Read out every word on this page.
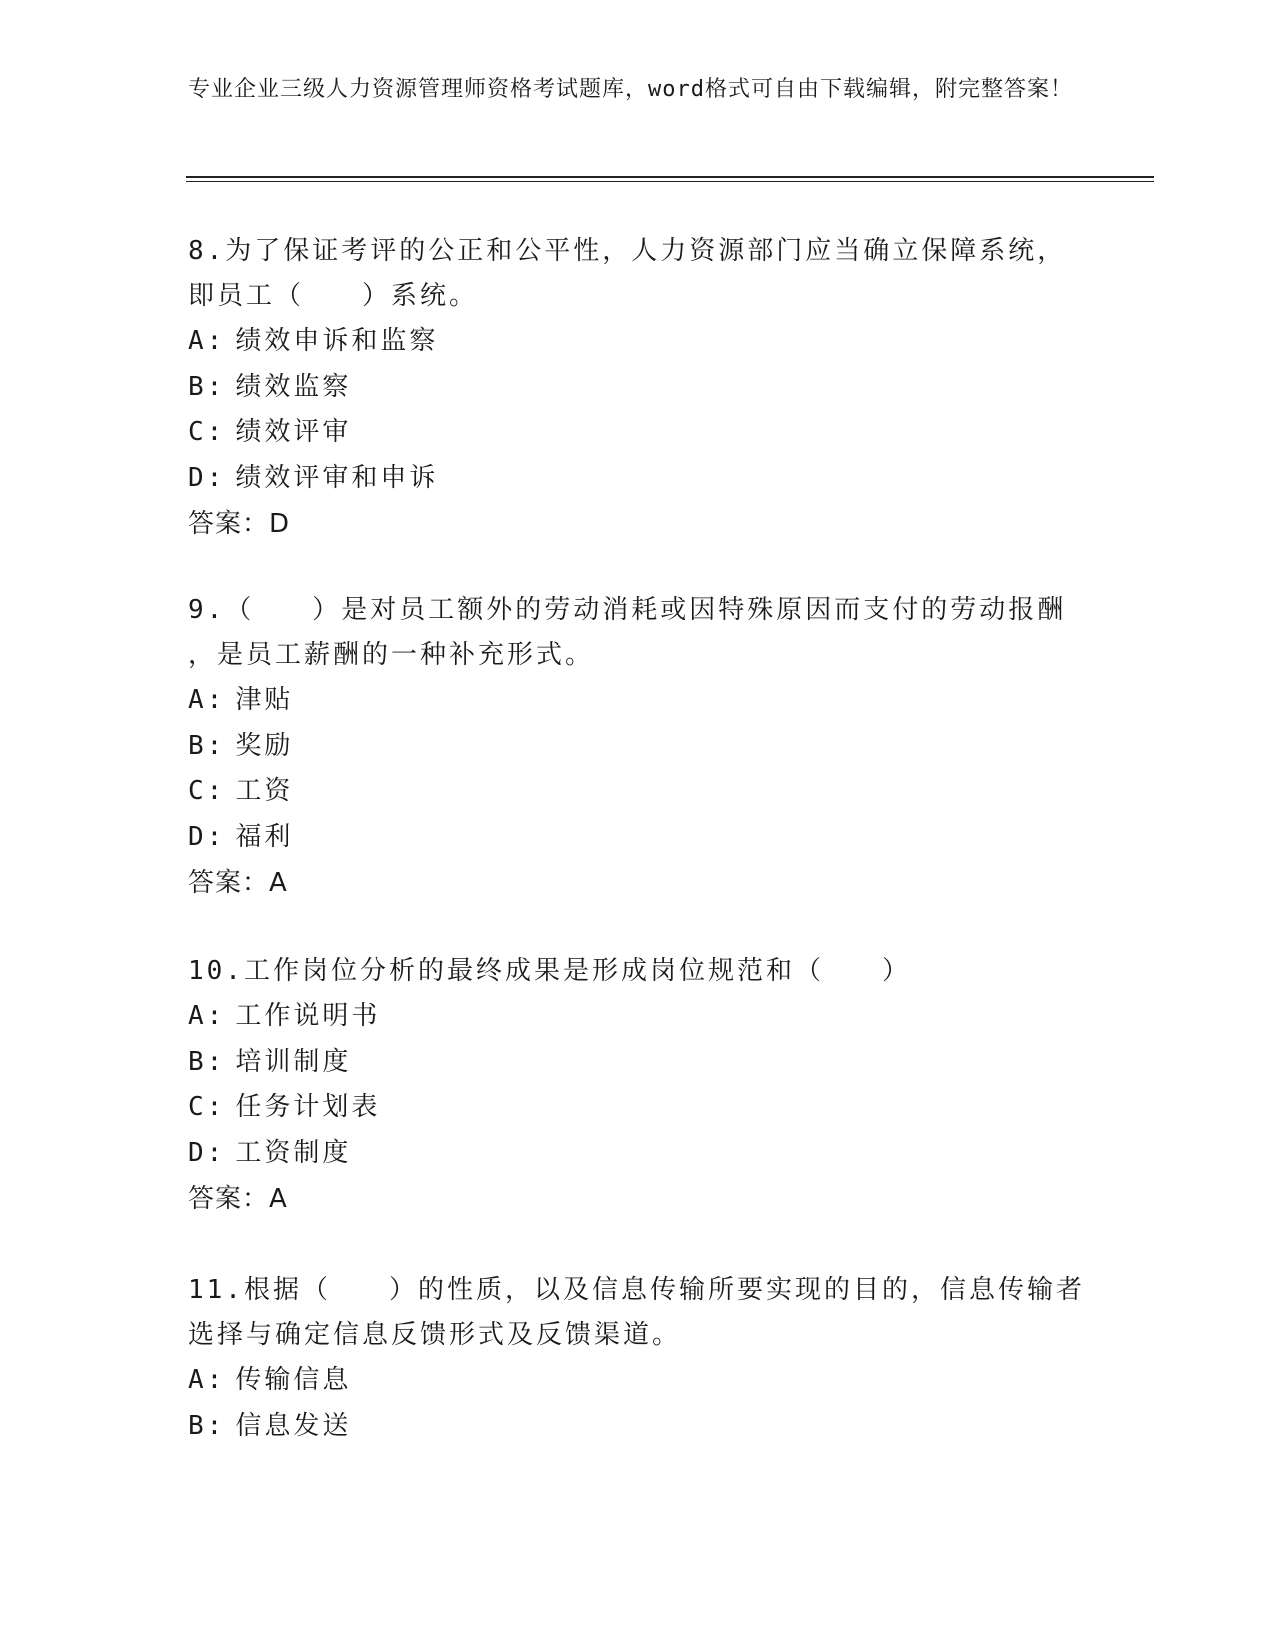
专业企业三级人力资源管理师资格考试题库，word格式可自由下载编辑，附完整答案！
8.为了保证考评的公正和公平性，人力资源部门应当确立保障系统，
即员工（　　）系统。
A: 绩效申诉和监察
B: 绩效监察
C: 绩效评审
D: 绩效评审和申诉
答案：D
9.（　　）是对员工额外的劳动消耗或因特殊原因而支付的劳动报酬
，是员工薪酬的一种补充形式。
A: 津贴
B: 奖励
C: 工资
D: 福利
答案：A
10.工作岗位分析的最终成果是形成岗位规范和（　　）
A: 工作说明书
B: 培训制度
C: 任务计划表
D: 工资制度
答案：A
11.根据（　　）的性质，以及信息传输所要实现的目的，信息传输者
选择与确定信息反馈形式及反馈渠道。
A: 传输信息
B: 信息发送
